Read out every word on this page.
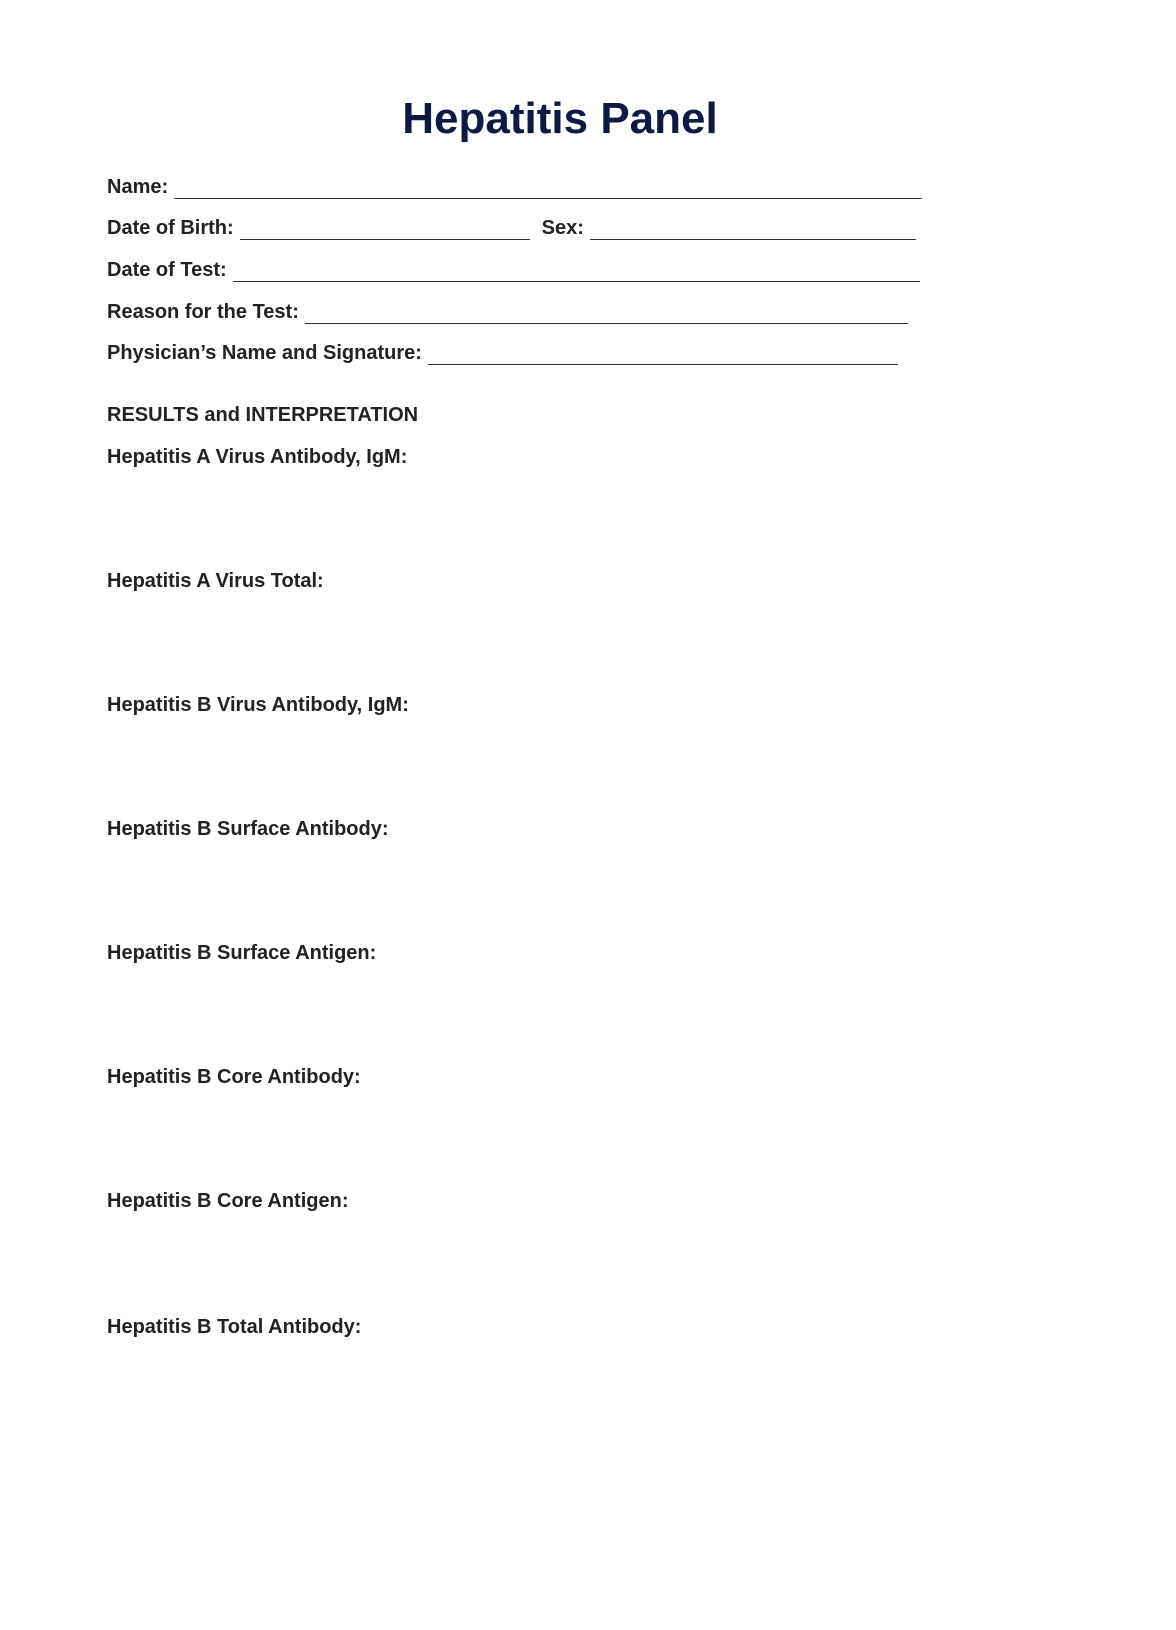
Hepatitis Panel
Name:
Date of Birth:	Sex:
Date of Test:
Reason for the Test:
Physician’s Name and Signature:
RESULTS and INTERPRETATION
Hepatitis A Virus Antibody, IgM:
Hepatitis A Virus Total:
Hepatitis B Virus Antibody, IgM:
Hepatitis B Surface Antibody:
Hepatitis B Surface Antigen:
Hepatitis B Core Antibody:
Hepatitis B Core Antigen:
Hepatitis B Total Antibody:
